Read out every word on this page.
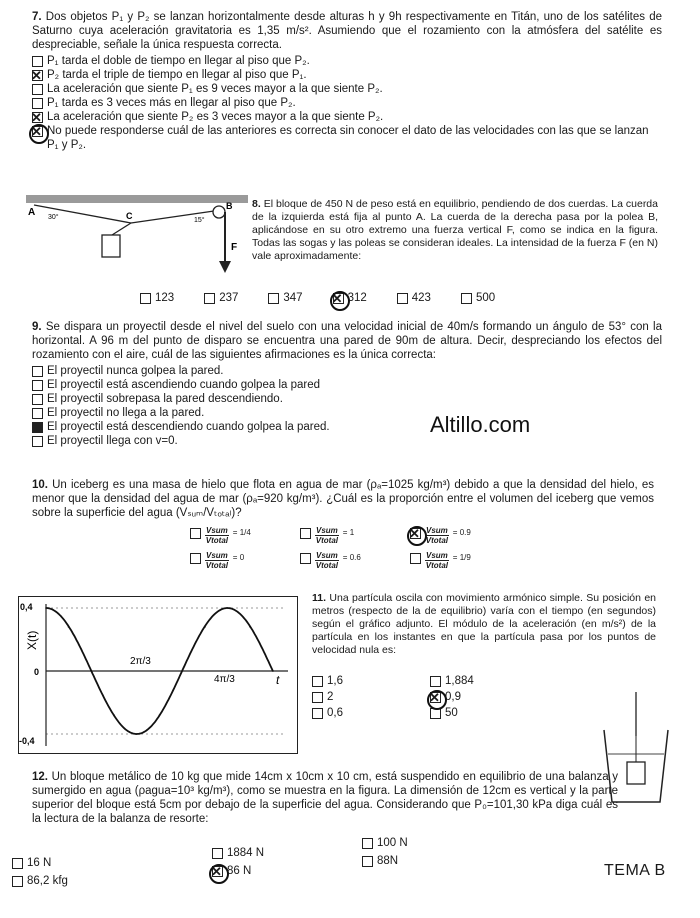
7. Dos objetos P₁ y P₂ se lanzan horizontalmente desde alturas h y 9h respectivamente en Titán, uno de los satélites de Saturno cuya aceleración gravitatoria es 1,35 m/s². Asumiendo que el rozamiento con la atmósfera del satélite es despreciable, señale la única respuesta correcta.
P₁ tarda el doble de tiempo en llegar al piso que P₂.
✕ P₂ tarda el triple de tiempo en llegar al piso que P₁.
La aceleración que siente P₁ es 9 veces mayor a la que siente P₂.
P₁ tarda es 3 veces más en llegar al piso que P₂.
✕ La aceleración que siente P₂ es 3 veces mayor a la que siente P₂.
✕ No puede responderse cuál de las anteriores es correcta sin conocer el dato de las velocidades con las que se lanzan P₁ y P₂.
A	C
B
F
30°	15°
8. El bloque de 450 N de peso está en equilibrio, pendiendo de dos cuerdas. La cuerda de la izquierda está fija al punto A. La cuerda de la derecha pasa por la polea B, aplicándose en su otro extremo una fuerza vertical F, como se indica en la figura. Todas las sogas y las poleas se consideran ideales. La intensidad de la fuerza F (en N) vale aproximadamente:
123	237	347 ✕ 312	423	500
9. Se dispara un proyectil desde el nivel del suelo con una velocidad inicial de 40m/s formando un ángulo de 53° con la horizontal. A 96 m del punto de disparo se encuentra una pared de 90m de altura. Decir, despreciando los efectos del rozamiento con el aire, cuál de las siguientes afirmaciones es la única correcta:
El proyectil nunca golpea la pared.
El proyectil está ascendiendo cuando golpea la pared
El proyectil sobrepasa la pared descendiendo.
El proyectil no llega a la pared.
El proyectil está descendiendo cuando golpea la pared.
El proyectil llega con v=0.
Altillo.com
10. Un iceberg es una masa de hielo que flota en agua de mar (ρₐ=1025 kg/m³) debido a que la densidad del hielo, es menor que la densidad del agua de mar (ρₐ=920 kg/m³). ¿Cuál es la proporción entre el volumen del iceberg que vemos sobre la superficie del agua (Vₛᵤₘ/Vₜₒₜₐₗ)?
$\frac{\text{Vsum}}{\text{Vtotal}} = 1/4$	$\frac{\text{Vsum}}{\text{Vtotal}} = 1$	✕ $\frac{\text{Vsum}}{\text{Vtotal}} = 0.9$
$\frac{\text{Vsum}}{\text{Vtotal}} = 0$	$\frac{\text{Vsum}}{\text{Vtotal}} = 0.6$	$\frac{\text{Vsum}}{\text{Vtotal}} = 1/9$
0,4
0
-0,4
X(t)
t
2π/3
4π/3
11. Una partícula oscila con movimiento armónico simple. Su posición en metros (respecto de la de equilibrio) varía con el tiempo (en segundos) según el gráfico adjunto. El módulo de la aceleración (en m/s²) de la partícula en los instantes en que la partícula pasa por los puntos de velocidad nula es:
1,6	1,884
2	✕ 0,9
0,6	50
12. Un bloque metálico de 10 kg que mide 14cm x 10cm x 10 cm, está suspendido en equilibrio de una balanza y sumergido en agua (ρagua=10³ kg/m³), como se muestra en la figura. La dimensión de 12cm es vertical y la parte superior del bloque está 5cm por debajo de la superficie del agua. Considerando que P₀=101,30 kPa diga cuál es la lectura de la balanza de resorte:
16 N
86,2 kfg
1884 N
✕ 86 N
100 N
88N
TEMA B
